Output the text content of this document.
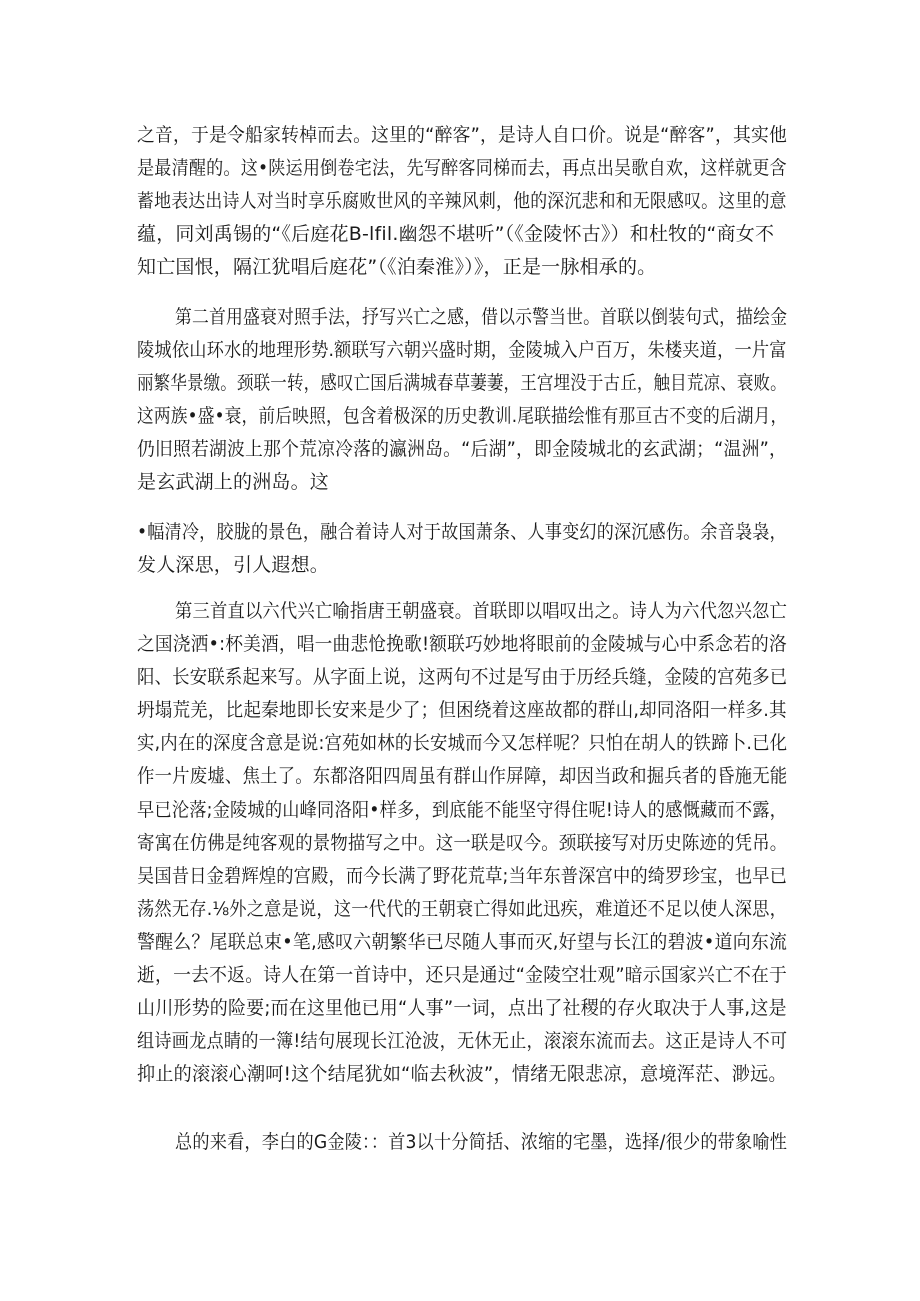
之音，于是令船家转棹而去。这里的“醉客”，是诗人自口价。说是“醉客”，其实他
是最清醒的。这•陕运用倒卷宅法，先写醉客同梯而去，再点出吴歌自欢，这样就更含
蓄地表达出诗人对当时享乐腐败世风的辛辣风刺，他的深沉悲和和无限感叹。这里的意
蕴，同刘禹锡的“《后庭花B-lfil.幽怨不堪听”（《金陵怀古》）和杜牧的“商女不
知亡国恨，隔江犹唱后庭花”（《泊秦淮》）》，正是一脉相承的。
第二首用盛衰对照手法，抒写兴亡之感，借以示警当世。首联以倒装句式，描绘金
陵城依山环水的地理形势.额联写六朝兴盛时期，金陵城入户百万，朱楼夹道，一片富
丽繁华景缴。颈联一转，感叹亡国后满城春草萋萋，王宫埋没于古丘，触目荒凉、衰败。
这两族•盛•衰，前后映照，包含着极深的历史教训.尾联描绘惟有那亘古不变的后湖月，
仍旧照若湖波上那个荒凉冷落的瀛洲岛。“后湖”，即金陵城北的玄武湖；“温洲”，
是玄武湖上的洲岛。这
•幅清冷，胶胧的景色，融合着诗人对于故国萧条、人事变幻的深沉感伤。余音袅袅，
发人深思，引人遐想。
第三首直以六代兴亡喻指唐王朝盛衰。首联即以唱叹出之。诗人为六代忽兴忽亡
之国浇洒•:杯美酒，唱一曲悲怆挽歌!额联巧妙地将眼前的金陵城与心中系念若的洛
阳、长安联系起来写。从字面上说，这两句不过是写由于历经兵缝，金陵的宫苑多已
坍塌荒羌，比起秦地即长安来是少了；但困绕着这座故都的群山,却同洛阳一样多.其
实,内在的深度含意是说:宫苑如林的长安城而今又怎样呢？只怕在胡人的铁蹄卜.已化
作一片废墟、焦土了。东都洛阳四周虽有群山作屏障，却因当政和掘兵者的昏施无能
早已沦落;金陵城的山峰同洛阳•样多，到底能不能坚守得住呢!诗人的感慨藏而不露，
寄寓在仿佛是纯客观的景物描写之中。这一联是叹今。颈联接写对历史陈迹的凭吊。
吴国昔日金碧辉煌的宫殿，而今长满了野花荒草;当年东普深宫中的绮罗珍宝，也早已
荡然无存.⅛外之意是说，这一代代的王朝衰亡得如此迅疾，难道还不足以使人深思，
警醒么？尾联总束•笔,感叹六朝繁华已尽随人事而灭,好望与长江的碧波•道向东流
逝，一去不返。诗人在第一首诗中，还只是通过“金陵空壮观”暗示国家兴亡不在于
山川形势的险要;而在这里他已用“人事”一词，点出了社稷的存火取决于人事,这是
组诗画龙点睛的一簿!结句展现长江沧波，无休无止，滚滚东流而去。这正是诗人不可
抑止的滚滚心潮呵!这个结尾犹如“临去秋波”，情绪无限悲凉，意境浑茫、渺远。
总的来看，李白的G金陵：：首3以十分简括、浓缩的宅墨，选择/很少的带象喻性
